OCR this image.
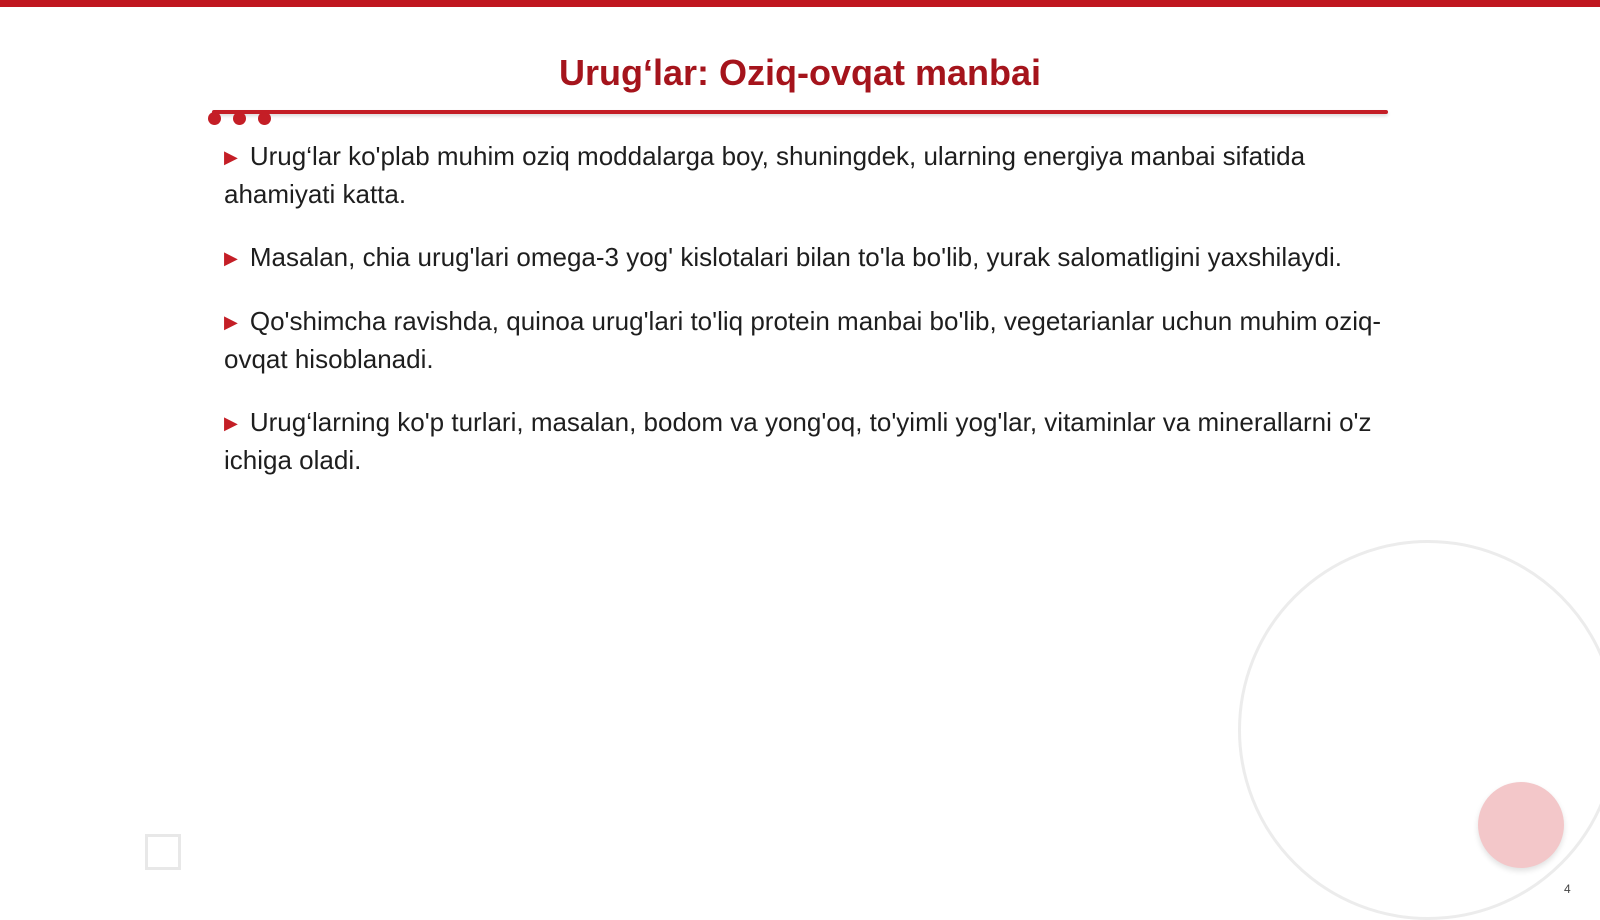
Urug‘lar: Oziq-ovqat manbai
▶ Urug‘lar ko'plab muhim oziq moddalarga boy, shuningdek, ularning energiya manbai sifatida ahamiyati katta.
▶ Masalan, chia urug'lari omega-3 yog' kislotalari bilan to'la bo'lib, yurak salomatligini yaxshilaydi.
▶ Qo'shimcha ravishda, quinoa urug'lari to'liq protein manbai bo'lib, vegetarianlar uchun muhim oziq-ovqat hisoblanadi.
▶ Urug‘larning ko'p turlari, masalan, bodom va yong'oq, to'yimli yog'lar, vitaminlar va minerallarni o'z ichiga oladi.
4
